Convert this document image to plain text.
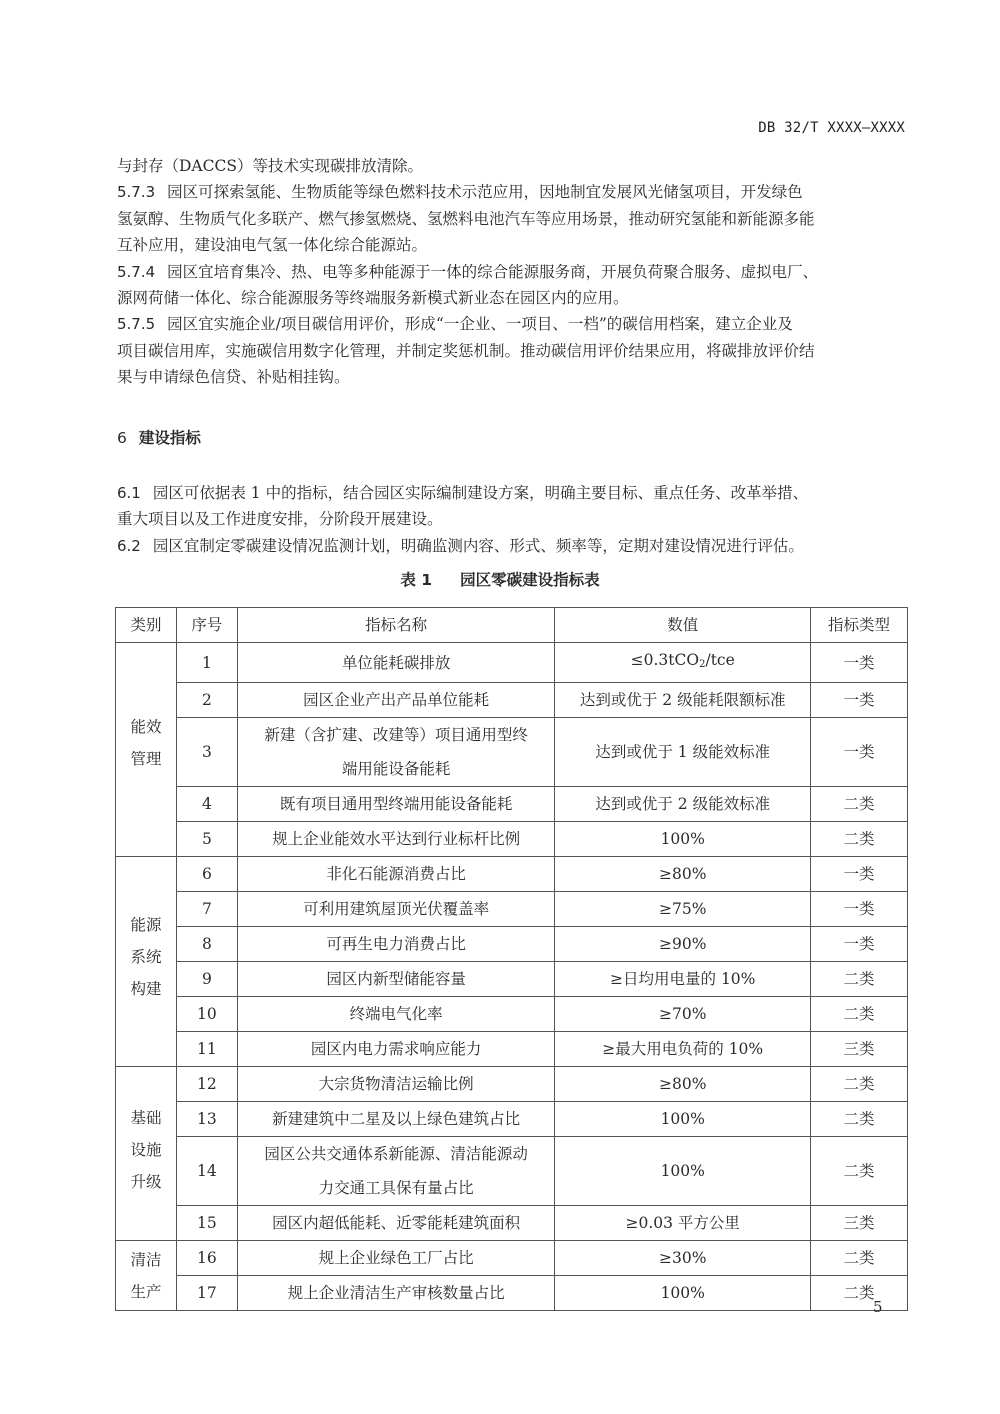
DB 32/T XXXX—XXXX
与封存（DACCS）等技术实现碳排放清除。
5.7.3 园区可探索氢能、生物质能等绿色燃料技术示范应用，因地制宜发展风光储氢项目，开发绿色
氢氨醇、生物质气化多联产、燃气掺氢燃烧、氢燃料电池汽车等应用场景，推动研究氢能和新能源多能
互补应用，建设油电气氢一体化综合能源站。
5.7.4 园区宜培育集冷、热、电等多种能源于一体的综合能源服务商，开展负荷聚合服务、虚拟电厂、
源网荷储一体化、综合能源服务等终端服务新模式新业态在园区内的应用。
5.7.5 园区宜实施企业/项目碳信用评价，形成“一企业、一项目、一档”的碳信用档案，建立企业及
项目碳信用库，实施碳信用数字化管理，并制定奖惩机制。推动碳信用评价结果应用，将碳排放评价结
果与申请绿色信贷、补贴相挂钩。
6 建设指标
6.1 园区可依据表 1 中的指标，结合园区实际编制建设方案，明确主要目标、重点任务、改革举措、
重大项目以及工作进度安排，分阶段开展建设。
6.2 园区宜制定零碳建设情况监测计划，明确监测内容、形式、频率等，定期对建设情况进行评估。
表 1 园区零碳建设指标表
类别	序号	指标名称	数值	指标类型

能效
管理	1	单位能耗碳排放	≤0.3tCO$_2$/tce	一类
	2	园区企业产出产品单位能耗	达到或优于 2 级能耗限额标准	一类
	3	新建（含扩建、改建等）项目通用型终
端用能设备能耗	达到或优于 1 级能效标准	一类
	4	既有项目通用型终端用能设备能耗	达到或优于 2 级能效标准	二类
	5	规上企业能效水平达到行业标杆比例	100%	二类

能源
系统
构建	6	非化石能源消费占比	≥80%	一类
	7	可利用建筑屋顶光伏覆盖率	≥75%	一类
	8	可再生电力消费占比	≥90%	一类
	9	园区内新型储能容量	≥日均用电量的 10%	二类
	10	终端电气化率	≥70%	二类
	11	园区内电力需求响应能力	≥最大用电负荷的 10%	三类

基础
设施
升级	12	大宗货物清洁运输比例	≥80%	二类
	13	新建建筑中二星及以上绿色建筑占比	100%	二类
	14	园区公共交通体系新能源、清洁能源动
力交通工具保有量占比	100%	二类
	15	园区内超低能耗、近零能耗建筑面积	≥0.03 平方公里	三类

清洁
生产	16	规上企业绿色工厂占比	≥30%	二类
	17	规上企业清洁生产审核数量占比	100%	二类
5
